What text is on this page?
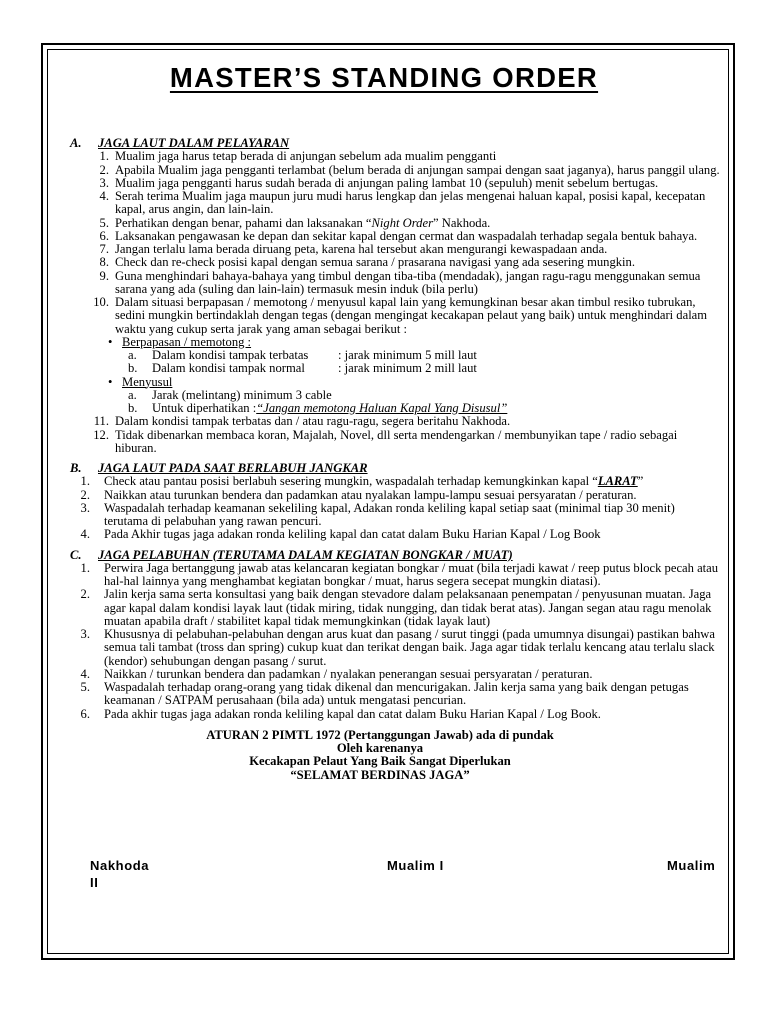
MASTER’S STANDING ORDER
A.	JAGA LAUT DALAM PELAYARAN
1. Mualim jaga harus tetap berada di anjungan sebelum ada mualim pengganti
2. Apabila Mualim jaga pengganti terlambat (belum berada di anjungan sampai dengan saat jaganya), harus panggil ulang.
3. Mualim jaga pengganti harus sudah berada di anjungan paling lambat 10 (sepuluh) menit sebelum bertugas.
4. Serah terima Mualim jaga maupun juru mudi harus lengkap dan jelas mengenai haluan kapal, posisi kapal, kecepatan kapal, arus angin, dan lain-lain.
5. Perhatikan dengan benar, pahami dan laksanakan “Night Order” Nakhoda.
6. Laksanakan pengawasan ke depan dan sekitar kapal dengan cermat dan waspadalah terhadap segala bentuk bahaya.
7. Jangan terlalu lama berada diruang peta, karena hal tersebut akan mengurangi kewaspadaan anda.
8. Check dan re-check posisi kapal dengan semua sarana / prasarana navigasi yang ada sesering mungkin.
9. Guna menghindari bahaya-bahaya yang timbul dengan tiba-tiba (mendadak), jangan ragu-ragu menggunakan semua sarana yang ada (suling dan lain-lain) termasuk mesin induk (bila perlu)
10. Dalam situasi berpapasan / memotong / menyusul kapal lain yang kemungkinan besar akan timbul resiko tubrukan, sedini mungkin bertindaklah dengan tegas (dengan mengingat kecakapan pelaut yang baik) untuk menghindari dalam waktu yang cukup serta jarak yang aman sebagai berikut :
• Berpapasan / memotong :
a.	Dalam kondisi tampak terbatas	: jarak minimum 5 mill laut
b.	Dalam kondisi tampak normal	: jarak minimum 2 mill laut
• Menyusul
a.	Jarak (melintang) minimum 3 cable
b.	Untuk diperhatikan : “Jangan memotong Haluan Kapal Yang Disusul”
11. Dalam kondisi tampak terbatas dan / atau ragu-ragu, segera beritahu Nakhoda.
12. Tidak dibenarkan membaca koran, Majalah, Novel, dll serta mendengarkan / membunyikan tape / radio sebagai hiburan.
B.	JAGA LAUT PADA SAAT BERLABUH JANGKAR
1.	Check atau pantau posisi berlabuh sesering mungkin, waspadalah terhadap kemungkinkan kapal “LARAT”
2.	Naikkan atau turunkan bendera dan padamkan atau nyalakan lampu-lampu sesuai persyaratan / peraturan.
3.	Waspadalah terhadap keamanan sekeliling kapal, Adakan ronda keliling kapal setiap saat (minimal tiap 30 menit) terutama di pelabuhan yang rawan pencuri.
4.	Pada Akhir tugas jaga adakan ronda keliling kapal dan catat dalam Buku Harian Kapal / Log Book
C.	JAGA PELABUHAN (TERUTAMA DALAM KEGIATAN BONGKAR / MUAT)
1.	Perwira Jaga bertanggung jawab atas kelancaran kegiatan bongkar / muat (bila terjadi kawat / reep putus block pecah atau hal-hal lainnya yang menghambat kegiatan bongkar / muat, harus segera secepat mungkin diatasi).
2.	Jalin kerja sama serta konsultasi yang baik dengan stevadore dalam pelaksanaan penempatan / penyusunan muatan. Jaga agar kapal dalam kondisi layak laut (tidak miring, tidak nungging, dan tidak berat atas). Jangan segan atau ragu menolak muatan apabila draft / stabilitet kapal tidak memungkinkan (tidak layak laut)
3.	Khususnya di pelabuhan-pelabuhan dengan arus kuat dan pasang / surut tinggi (pada umumnya disungai) pastikan bahwa semua tali tambat (tross dan spring) cukup kuat dan terikat dengan baik. Jaga agar tidak terlalu kencang atau terlalu slack (kendor) sehubungan dengan pasang / surut.
4.	Naikkan / turunkan bendera dan padamkan / nyalakan penerangan sesuai persyaratan / peraturan.
5.	Waspadalah terhadap orang-orang yang tidak dikenal dan mencurigakan. Jalin kerja sama yang baik dengan petugas keamanan / SATPAM perusahaan (bila ada) untuk mengatasi pencurian.
6.	Pada akhir tugas jaga adakan ronda keliling kapal dan catat dalam Buku Harian Kapal / Log Book.
ATURAN 2 PIMTL 1972 (Pertanggungan Jawab) ada di pundak
Oleh karenanya
Kecakapan Pelaut Yang Baik Sangat Diperlukan
“SELAMAT BERDINAS JAGA”
Nakhoda
II
Mualim I	Mualim
